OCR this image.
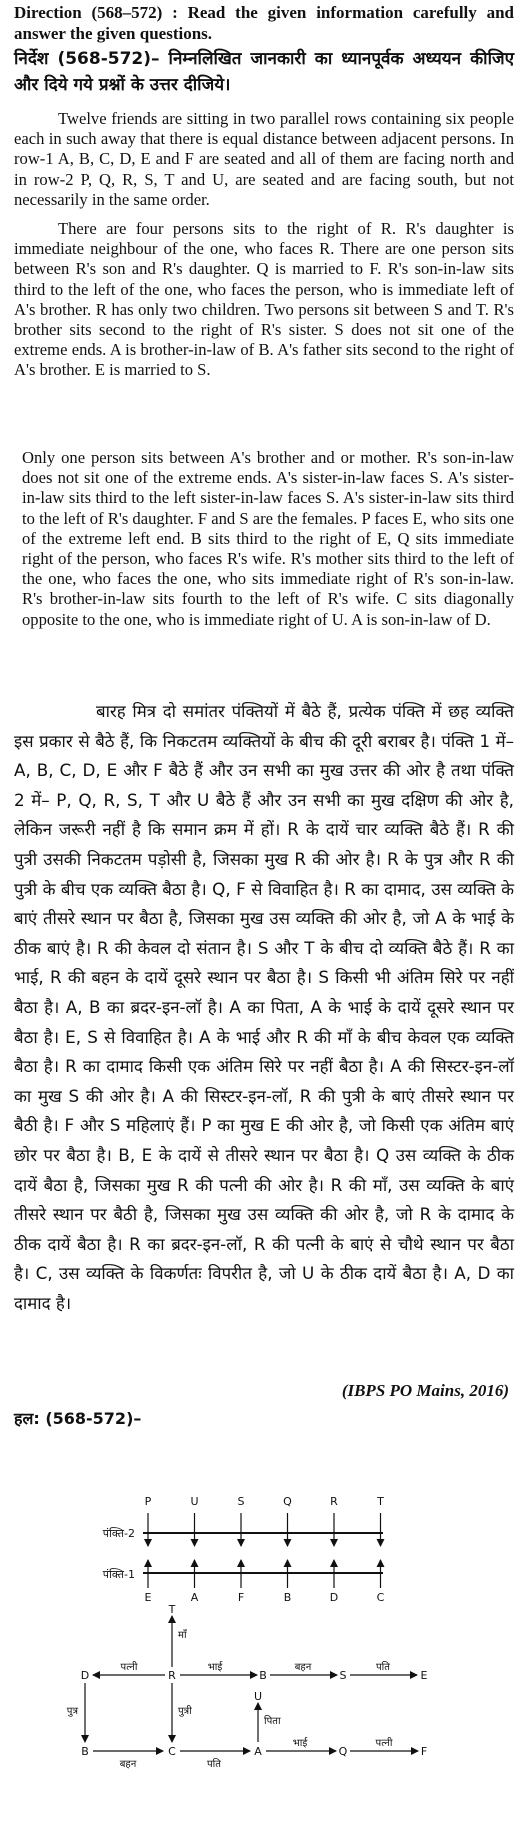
Direction (568–572) : Read the given information carefully and answer the given questions.
निर्देश (568-572)– निम्नलिखित जानकारी का ध्यानपूर्वक अध्ययन कीजिए और दिये गये प्रश्नों के उत्तर दीजिये।
Twelve friends are sitting in two parallel rows containing six people each in such away that there is equal distance between adjacent persons. In row-1 A, B, C, D, E and F are seated and all of them are facing north and in row-2 P, Q, R, S, T and U, are seated and are facing south, but not necessarily in the same order.
There are four persons sits to the right of R. R's daughter is immediate neighbour of the one, who faces R. There are one person sits between R's son and R's daughter. Q is married to F. R's son-in-law sits third to the left of the one, who faces the person, who is immediate left of A's brother. R has only two children. Two persons sit between S and T. R's brother sits second to the right of R's sister. S does not sit one of the extreme ends. A is brother-in-law of B. A's father sits second to the right of A's brother. E is married to S.
Only one person sits between A's brother and or mother. R's son-in-law does not sit one of the extreme ends. A's sister-in-law faces S. A's sister-in-law sits third to the left sister-in-law faces S. A's sister-in-law sits third to the left of R's daughter. F and S are the females. P faces E, who sits one of the extreme left end. B sits third to the right of E, Q sits immediate right of the person, who faces R's wife. R's mother sits third to the left of the one, who faces the one, who sits immediate right of R's son-in-law. R's brother-in-law sits fourth to the left of R's wife. C sits diagonally opposite to the one, who is immediate right of U. A is son-in-law of D.
बारह मित्र दो समांतर पंक्तियों में बैठे हैं, प्रत्येक पंक्ति में छह व्यक्ति इस प्रकार से बैठे हैं, कि निकटतम व्यक्तियों के बीच की दूरी बराबर है। पंक्ति 1 में– A, B, C, D, E और F बैठे हैं और उन सभी का मुख उत्तर की ओर है तथा पंक्ति 2 में– P, Q, R, S, T और U बैठे हैं और उन सभी का मुख दक्षिण की ओर है, लेकिन जरूरी नहीं है कि समान क्रम में हों। R के दायें चार व्यक्ति बैठे हैं। R की पुत्री उसकी निकटतम पड़ोसी है, जिसका मुख R की ओर है। R के पुत्र और R की पुत्री के बीच एक व्यक्ति बैठा है। Q, F से विवाहित है। R का दामाद, उस व्यक्ति के बाएं तीसरे स्थान पर बैठा है, जिसका मुख उस व्यक्ति की ओर है, जो A के भाई के ठीक बाएं है। R की केवल दो संतान है। S और T के बीच दो व्यक्ति बैठे हैं। R का भाई, R की बहन के दायें दूसरे स्थान पर बैठा है। S किसी भी अंतिम सिरे पर नहीं बैठा है। A, B का ब्रदर-इन-लॉ है। A का पिता, A के भाई के दायें दूसरे स्थान पर बैठा है। E, S से विवाहित है। A के भाई और R की माँ के बीच केवल एक व्यक्ति बैठा है। R का दामाद किसी एक अंतिम सिरे पर नहीं बैठा है। A की सिस्टर-इन-लॉ का मुख S की ओर है। A की सिस्टर-इन-लॉ, R की पुत्री के बाएं तीसरे स्थान पर बैठी है। F और S महिलाएं हैं। P का मुख E की ओर है, जो किसी एक अंतिम बाएं छोर पर बैठा है। B, E के दायें से तीसरे स्थान पर बैठा है। Q उस व्यक्ति के ठीक दायें बैठा है, जिसका मुख R की पत्नी की ओर है। R की माँ, उस व्यक्ति के बाएं तीसरे स्थान पर बैठी है, जिसका मुख उस व्यक्ति की ओर है, जो R के दामाद के ठीक दायें बैठा है। R का ब्रदर-इन-लॉ, R की पत्नी के बाएं से चौथे स्थान पर बैठा है। C, उस व्यक्ति के विकर्णतः विपरीत है, जो U के ठीक दायें बैठा है। A, D का दामाद है।
(IBPS PO Mains, 2016)
हल: (568-572)–
पंक्ति-2
पंक्ति-1
P	U	S	Q	R	T
E	A	F	B	D	C
T
D	R	B	S	E
U
B	C	A	Q	F
माँ
पत्नी	भाई	बहन	पति
पुत्र	पुत्री
पिता
बहन	पति
भाई	पत्नी
